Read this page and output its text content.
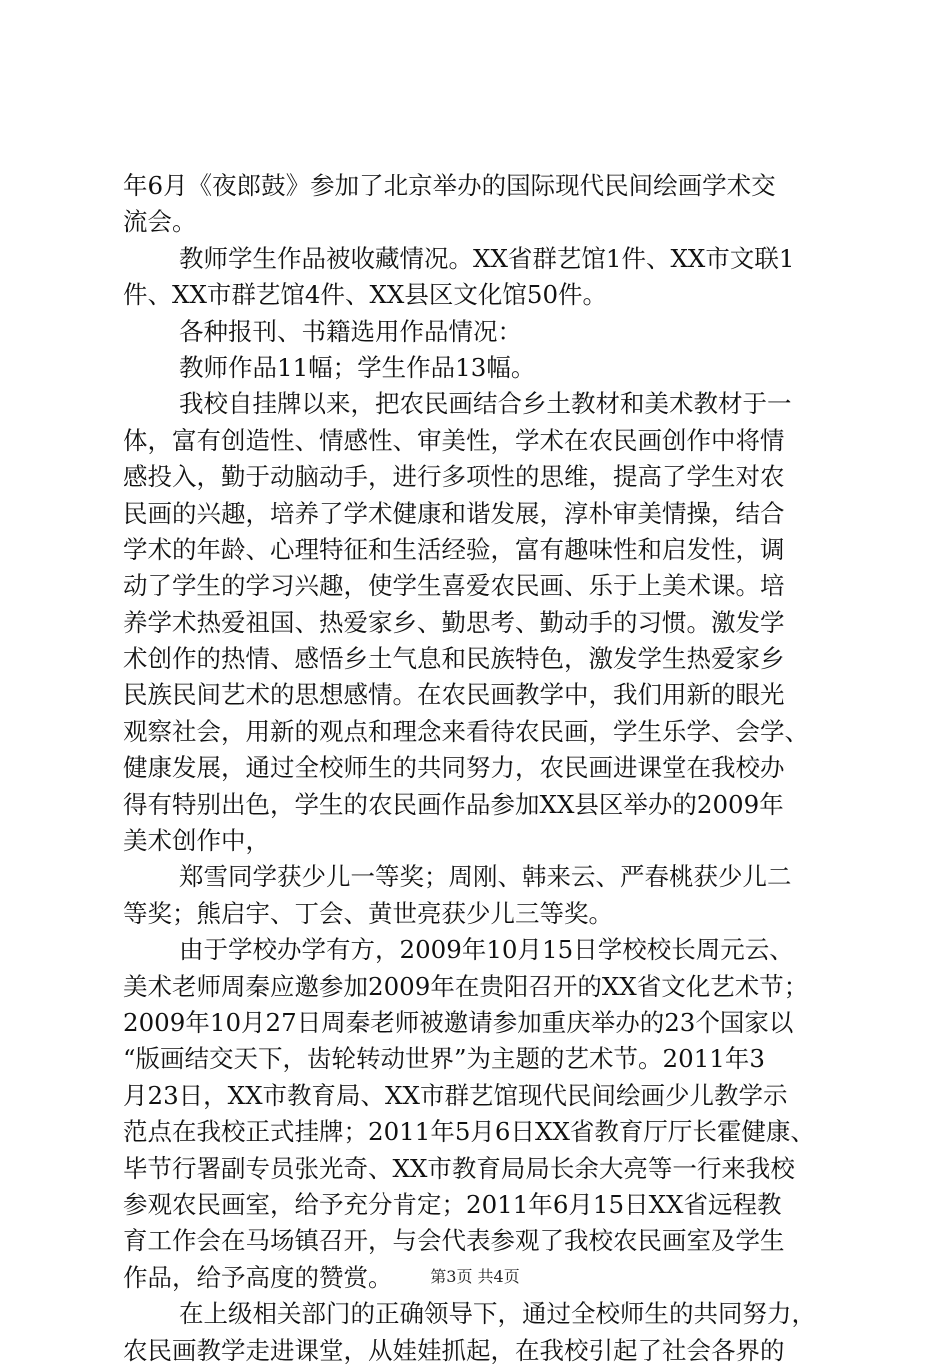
年6月《夜郎鼓》参加了北京举办的国际现代民间绘画学术交
流会。
教师学生作品被收藏情况。XX省群艺馆1件、XX市文联1
件、XX市群艺馆4件、XX县区文化馆50件。
各种报刊、书籍选用作品情况：
教师作品11幅；学生作品13幅。
我校自挂牌以来，把农民画结合乡土教材和美术教材于一
体，富有创造性、情感性、审美性，学术在农民画创作中将情
感投入，勤于动脑动手，进行多项性的思维，提高了学生对农
民画的兴趣，培养了学术健康和谐发展，淳朴审美情操，结合
学术的年龄、心理特征和生活经验，富有趣味性和启发性，调
动了学生的学习兴趣，使学生喜爱农民画、乐于上美术课。培
养学术热爱祖国、热爱家乡、勤思考、勤动手的习惯。激发学
术创作的热情、感悟乡土气息和民族特色，激发学生热爱家乡
民族民间艺术的思想感情。在农民画教学中，我们用新的眼光
观察社会，用新的观点和理念来看待农民画，学生乐学、会学、
健康发展，通过全校师生的共同努力，农民画进课堂在我校办
得有特别出色，学生的农民画作品参加XX县区举办的2009年
美术创作中，
郑雪同学获少儿一等奖；周刚、韩来云、严春桃获少儿二
等奖；熊启宇、丁会、黄世亮获少儿三等奖。
由于学校办学有方，2009年10月15日学校校长周元云、
美术老师周秦应邀参加2009年在贵阳召开的XX省文化艺术节；
2009年10月27日周秦老师被邀请参加重庆举办的23个国家以
“版画结交天下，齿轮转动世界”为主题的艺术节。2011年3
月23日，XX市教育局、XX市群艺馆现代民间绘画少儿教学示
范点在我校正式挂牌；2011年5月6日XX省教育厅厅长霍健康、
毕节行署副专员张光奇、XX市教育局局长余大亮等一行来我校
参观农民画室，给予充分肯定；2011年6月15日XX省远程教
育工作会在马场镇召开，与会代表参观了我校农民画室及学生
作品，给予高度的赞赏。
在上级相关部门的正确领导下，通过全校师生的共同努力，
农民画教学走进课堂，从娃娃抓起，在我校引起了社会各界的
第3页 共4页
